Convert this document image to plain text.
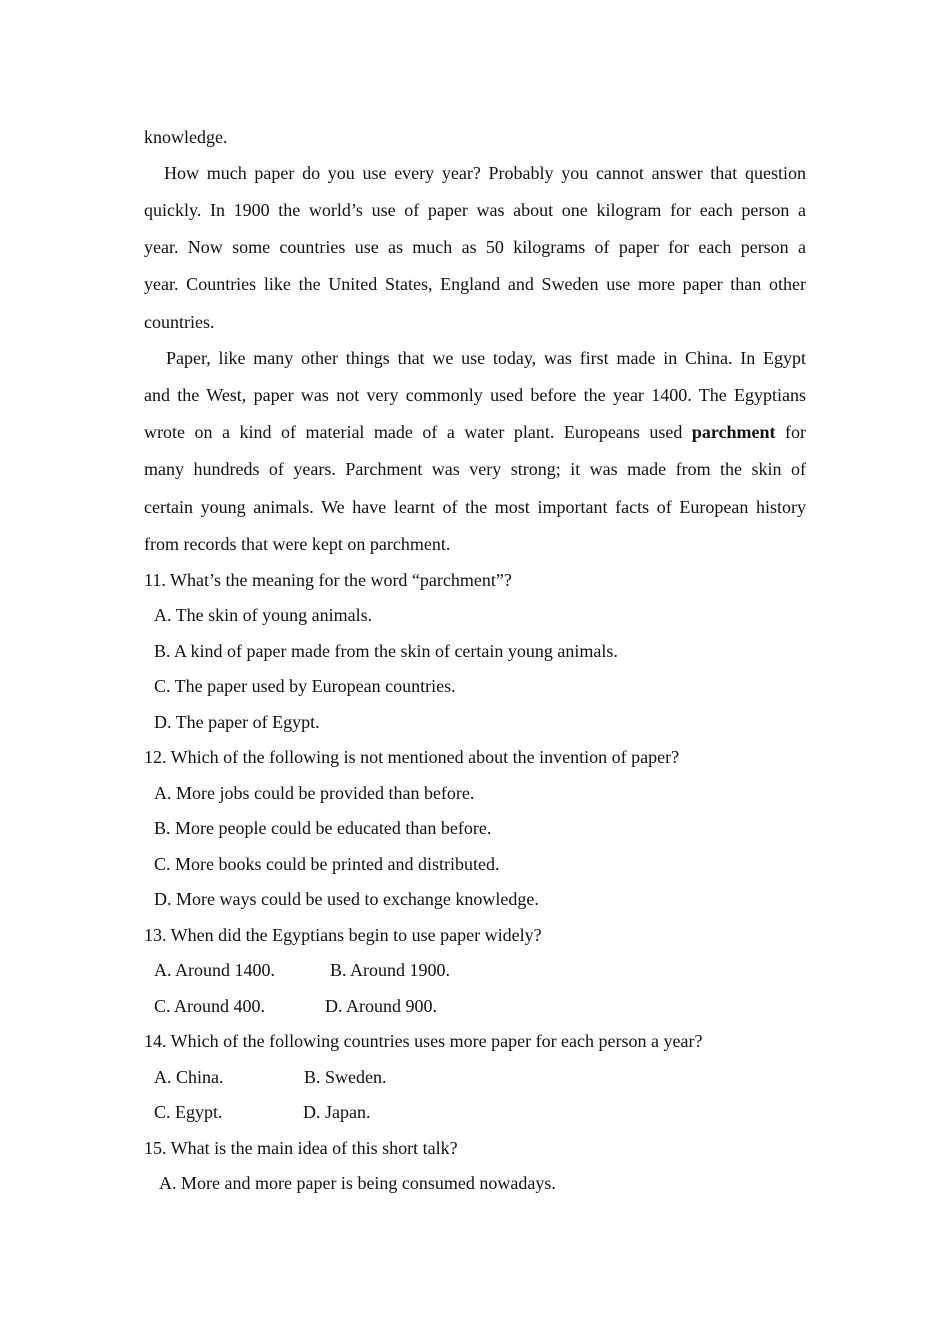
knowledge.
How much paper do you use every year? Probably you cannot answer that question
quickly. In 1900 the world’s use of paper was about one kilogram for each person a
year. Now some countries use as much as 50 kilograms of paper for each person a
year. Countries like the United States, England and Sweden use more paper than other
countries.
Paper, like many other things that we use today, was first made in China. In Egypt
and the West, paper was not very commonly used before the year 1400. The Egyptians
wrote on a kind of material made of a water plant. Europeans used parchment for
many hundreds of years. Parchment was very strong; it was made from the skin of
certain young animals. We have learnt of the most important facts of European history
from records that were kept on parchment.
11. What’s the meaning for the word “parchment”?
A. The skin of young animals.
B. A kind of paper made from the skin of certain young animals.
C. The paper used by European countries.
D. The paper of Egypt.
12. Which of the following is not mentioned about the invention of paper?
A. More jobs could be provided than before.
B. More people could be educated than before.
C. More books could be printed and distributed.
D. More ways could be used to exchange knowledge.
13. When did the Egyptians begin to use paper widely?
A. Around 1400.	B. Around 1900.
C. Around 400.	D. Around 900.
14. Which of the following countries uses more paper for each person a year?
A. China.	B. Sweden.
C. Egypt.	D. Japan.
15. What is the main idea of this short talk?
A. More and more paper is being consumed nowadays.
